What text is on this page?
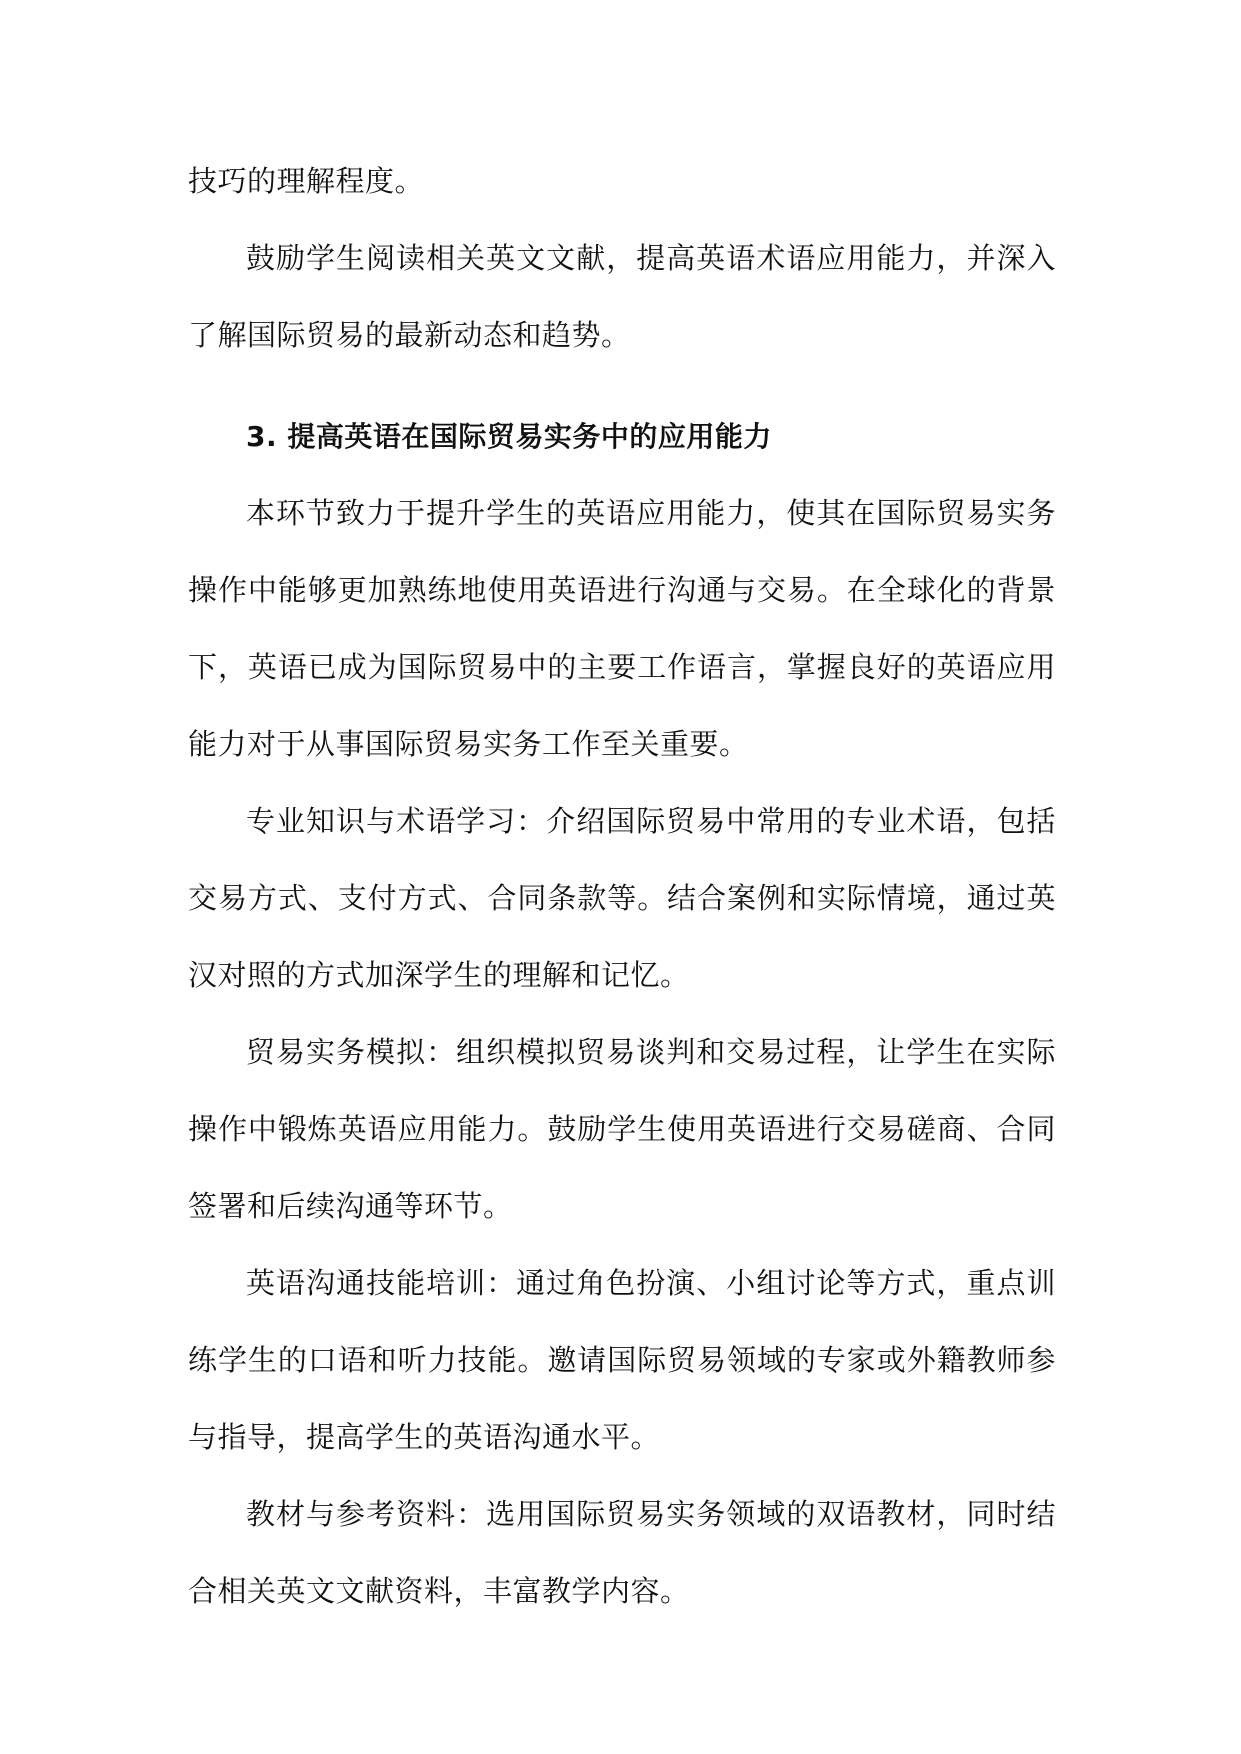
技巧的理解程度。

鼓励学生阅读相关英文文献，提高英语术语应用能力，并深入了解国际贸易的最新动态和趋势。

3. 提高英语在国际贸易实务中的应用能力

本环节致力于提升学生的英语应用能力，使其在国际贸易实务操作中能够更加熟练地使用英语进行沟通与交易。在全球化的背景下，英语已成为国际贸易中的主要工作语言，掌握良好的英语应用能力对于从事国际贸易实务工作至关重要。

专业知识与术语学习：介绍国际贸易中常用的专业术语，包括交易方式、支付方式、合同条款等。结合案例和实际情境，通过英汉对照的方式加深学生的理解和记忆。

贸易实务模拟：组织模拟贸易谈判和交易过程，让学生在实际操作中锻炼英语应用能力。鼓励学生使用英语进行交易磋商、合同签署和后续沟通等环节。

英语沟通技能培训：通过角色扮演、小组讨论等方式，重点训练学生的口语和听力技能。邀请国际贸易领域的专家或外籍教师参与指导，提高学生的英语沟通水平。

教材与参考资料：选用国际贸易实务领域的双语教材，同时结合相关英文文献资料，丰富教学内容。
